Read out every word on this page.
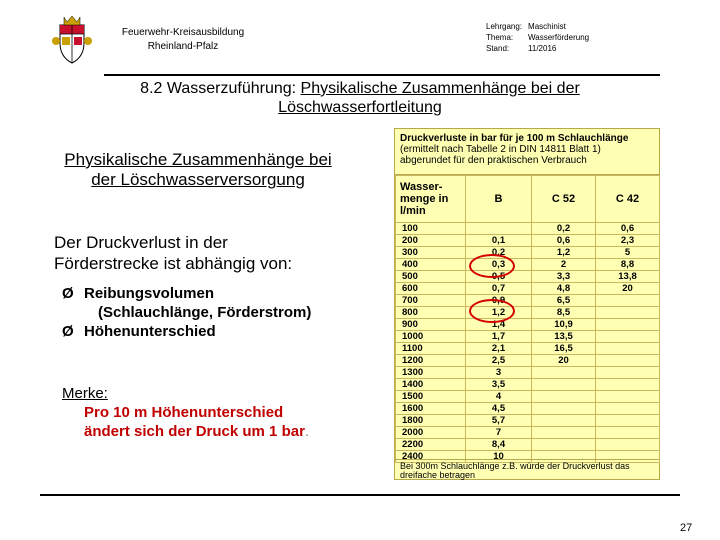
Feuerwehr-Kreisausbildung
Rheinland-Pfalz
Lehrgang:	Maschinist
Thema:	Wasserförderung
Stand:	11/2016
8.2 Wasserzuführung: Physikalische Zusammenhänge bei der
Löschwasserfortleitung
Physikalische Zusammenhänge bei
der Löschwasserversorgung
Der Druckverlust in der
Förderstrecke ist abhängig von:
Ø Reibungsvolumen
(Schlauchlänge, Förderstrom)
Ø Höhenunterschied
Merke:
Pro 10 m Höhenunterschied
ändert sich der Druck um 1 bar.
Druckverluste in bar für je 100 m Schlauchlänge
(ermittelt nach Tabelle 2 in DIN 14811 Blatt 1)
abgerundet für den praktischen Verbrauch
Wasser-
menge in
l/min	B	C 52	C 42
100		0,2	0,6
200	0,1	0,6	2,3
300	0,2	1,2	5
400	0,3	2	8,8
500	0,5	3,3	13,8
600	0,7	4,8	20
700	0,9	6,5	
800	1,2	8,5	
900	1,4	10,9	
1000	1,7	13,5	
1100	2,1	16,5	
1200	2,5	20	
1300	3		
1400	3,5		
1500	4		
1600	4,5		
1800	5,7		
2000	7		
2200	8,4		
2400	10		
Bei 300m Schlauchlänge z.B. würde der Druckverlust das
dreifache betragen
27
